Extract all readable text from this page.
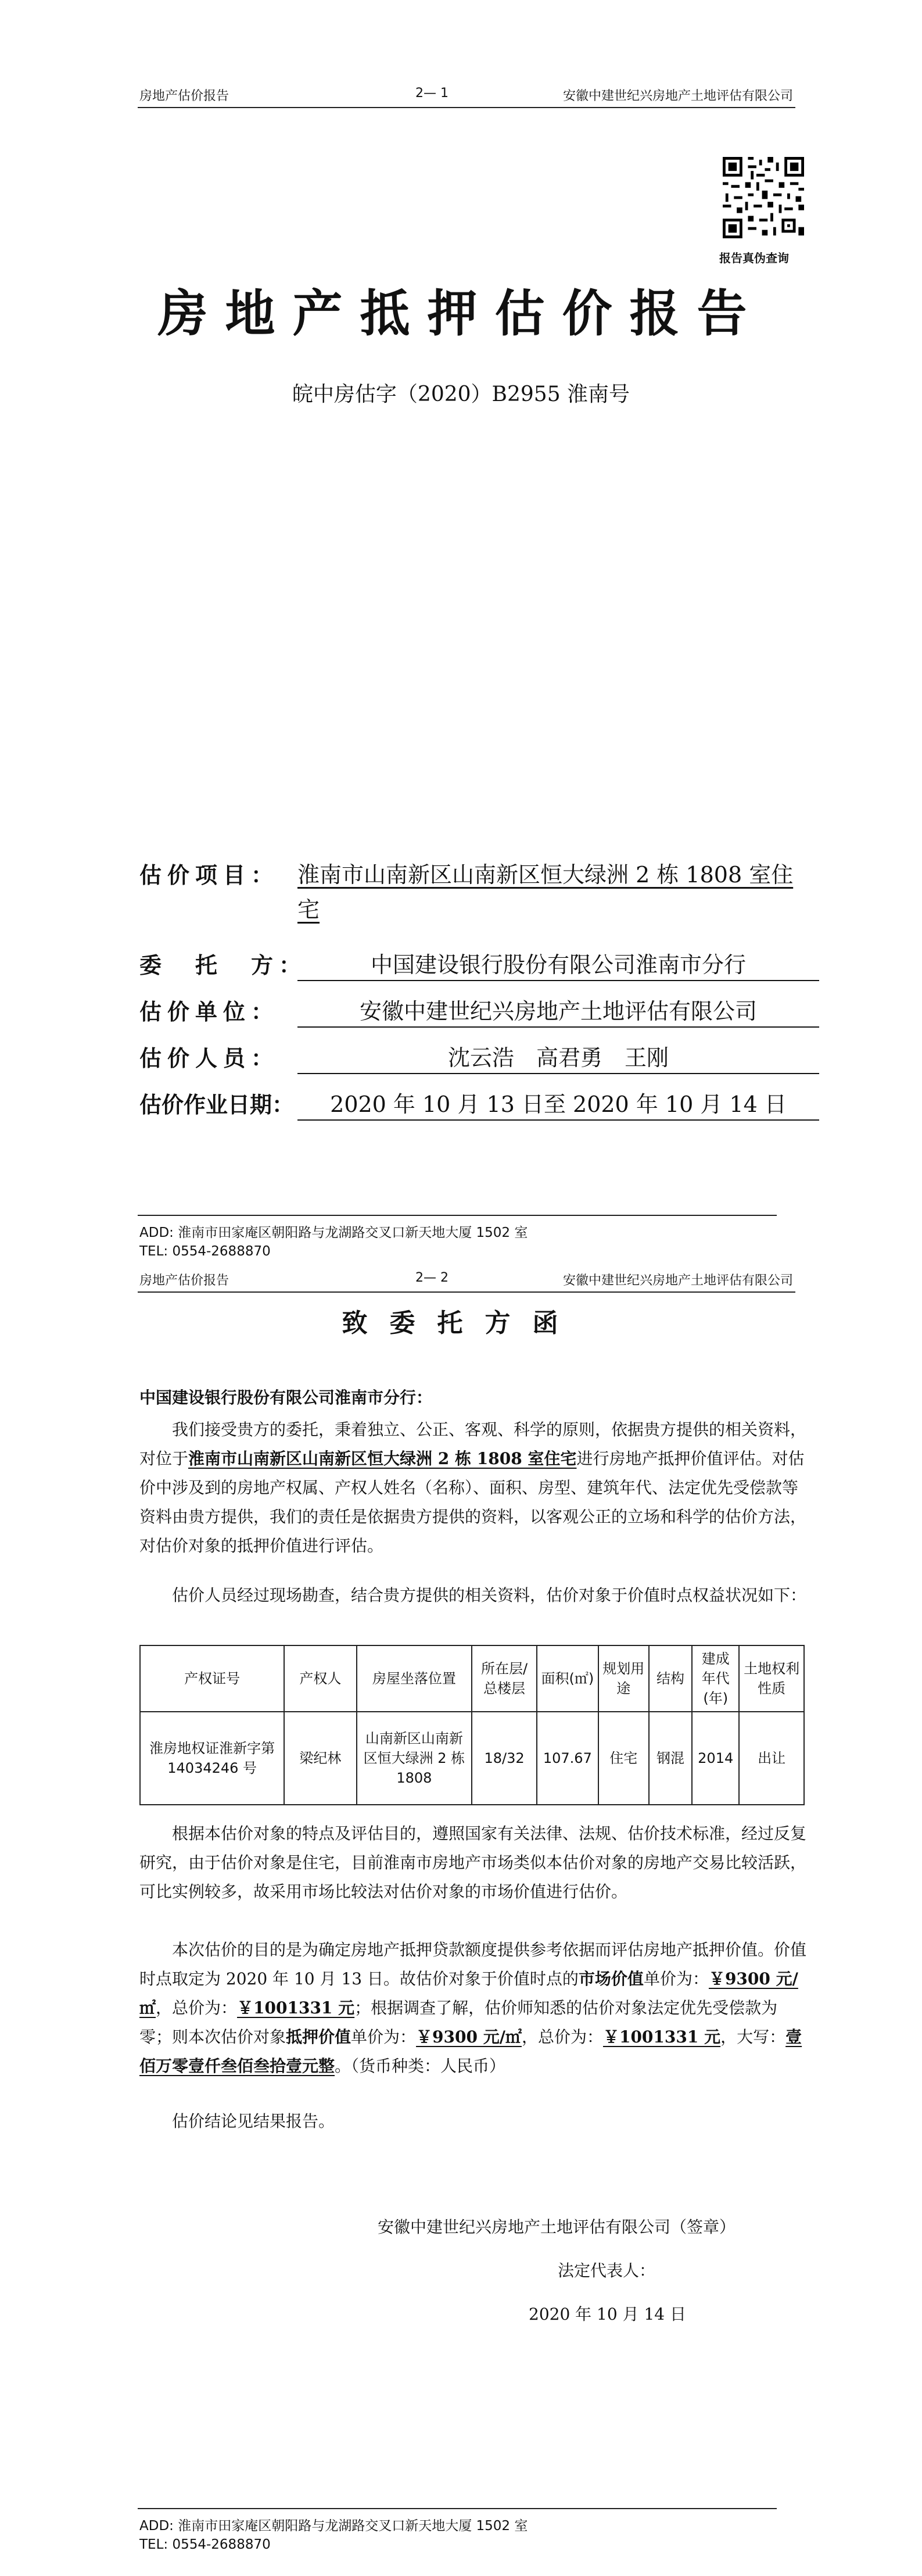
房地产估价报告	2— 1	安徽中建世纪兴房地产土地评估有限公司
报告真伪查询
房地产抵押估价报告
皖中房估字（2020）B2955 淮南号
估价项目： 淮南市山南新区山南新区恒大绿洲 2 栋 1808 室住
宅
委　托　方：	中国建设银行股份有限公司淮南市分行
估价单位：	安徽中建世纪兴房地产土地评估有限公司
估价人员：	沈云浩　高君勇　王刚
估价作业日期：	2020 年 10 月 13 日至 2020 年 10 月 14 日
ADD: 淮南市田家庵区朝阳路与龙湖路交叉口新天地大厦 1502 室
TEL: 0554-2688870
房地产估价报告	2— 2	安徽中建世纪兴房地产土地评估有限公司
致委托方函
中国建设银行股份有限公司淮南市分行：
我们接受贵方的委托，秉着独立、公正、客观、科学的原则，依据贵方提供的相关资料，对位于淮南市山南新区山南新区恒大绿洲 2 栋 1808 室住宅进行房地产抵押价值评估。对估价中涉及到的房地产权属、产权人姓名（名称）、面积、房型、建筑年代、法定优先受偿款等资料由贵方提供，我们的责任是依据贵方提供的资料，以客观公正的立场和科学的估价方法，对估价对象的抵押价值进行评估。
估价人员经过现场勘查，结合贵方提供的相关资料，估价对象于价值时点权益状况如下：
产权证号	产权人	房屋坐落位置	所在层/总楼层	面积(㎡)	规划用途	结构	建成年代(年)	土地权利性质
淮房地权证淮新字第 14034246 号	梁纪林	山南新区山南新区恒大绿洲 2 栋 1808	18/32	107.67	住宅	钢混	2014	出让
根据本估价对象的特点及评估目的，遵照国家有关法律、法规、估价技术标准，经过反复研究，由于估价对象是住宅，目前淮南市房地产市场类似本估价对象的房地产交易比较活跃，可比实例较多，故采用市场比较法对估价对象的市场价值进行估价。
本次估价的目的是为确定房地产抵押贷款额度提供参考依据而评估房地产抵押价值。价值时点取定为 2020 年 10 月 13 日。故估价对象于价值时点的市场价值单价为：￥9300 元/㎡，总价为：￥1001331 元；根据调查了解，估价师知悉的估价对象法定优先受偿款为零；则本次估价对象抵押价值单价为：￥9300 元/㎡，总价为：￥1001331 元，大写：壹佰万零壹仟叁佰叁拾壹元整。（货币种类：人民币）
估价结论见结果报告。
安徽中建世纪兴房地产土地评估有限公司（签章）
法定代表人：
2020 年 10 月 14 日
ADD: 淮南市田家庵区朝阳路与龙湖路交叉口新天地大厦 1502 室
TEL: 0554-2688870
